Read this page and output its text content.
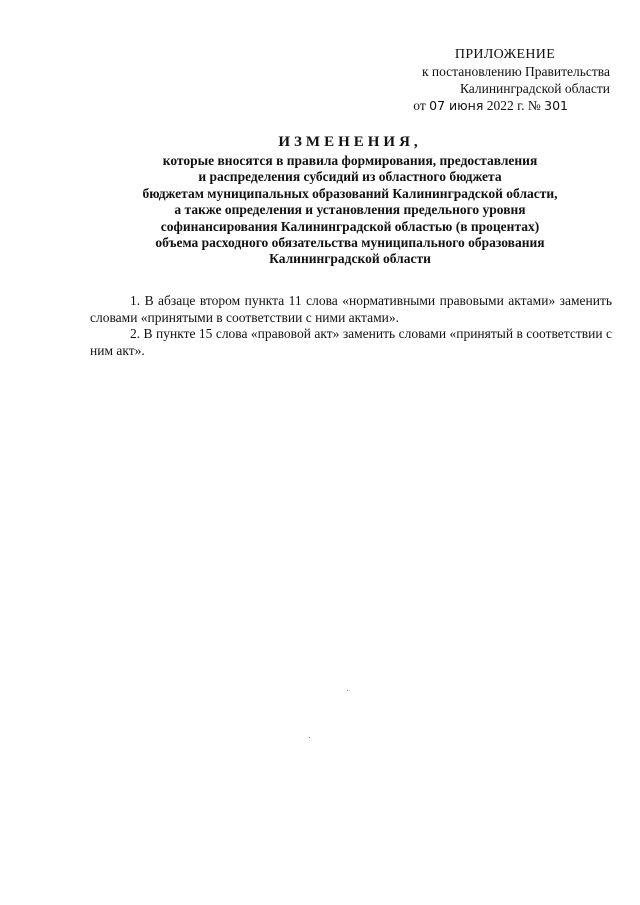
ПРИЛОЖЕНИЕ
к постановлению Правительства
Калининградской области
от 07 июня 2022 г. № 301
ИЗМЕНЕНИЯ,
которые вносятся в правила формирования, предоставления
и распределения субсидий из областного бюджета
бюджетам муниципальных образований Калининградской области,
а также определения и установления предельного уровня
софинансирования Калининградской областью (в процентах)
объема расходного обязательства муниципального образования
Калининградской области

1. В абзаце втором пункта 11 слова «нормативными правовыми актами» заменить словами «принятыми в соответствии с ними актами».

2. В пункте 15 слова «правовой акт» заменить словами «принятый в соответствии с ним акт».
